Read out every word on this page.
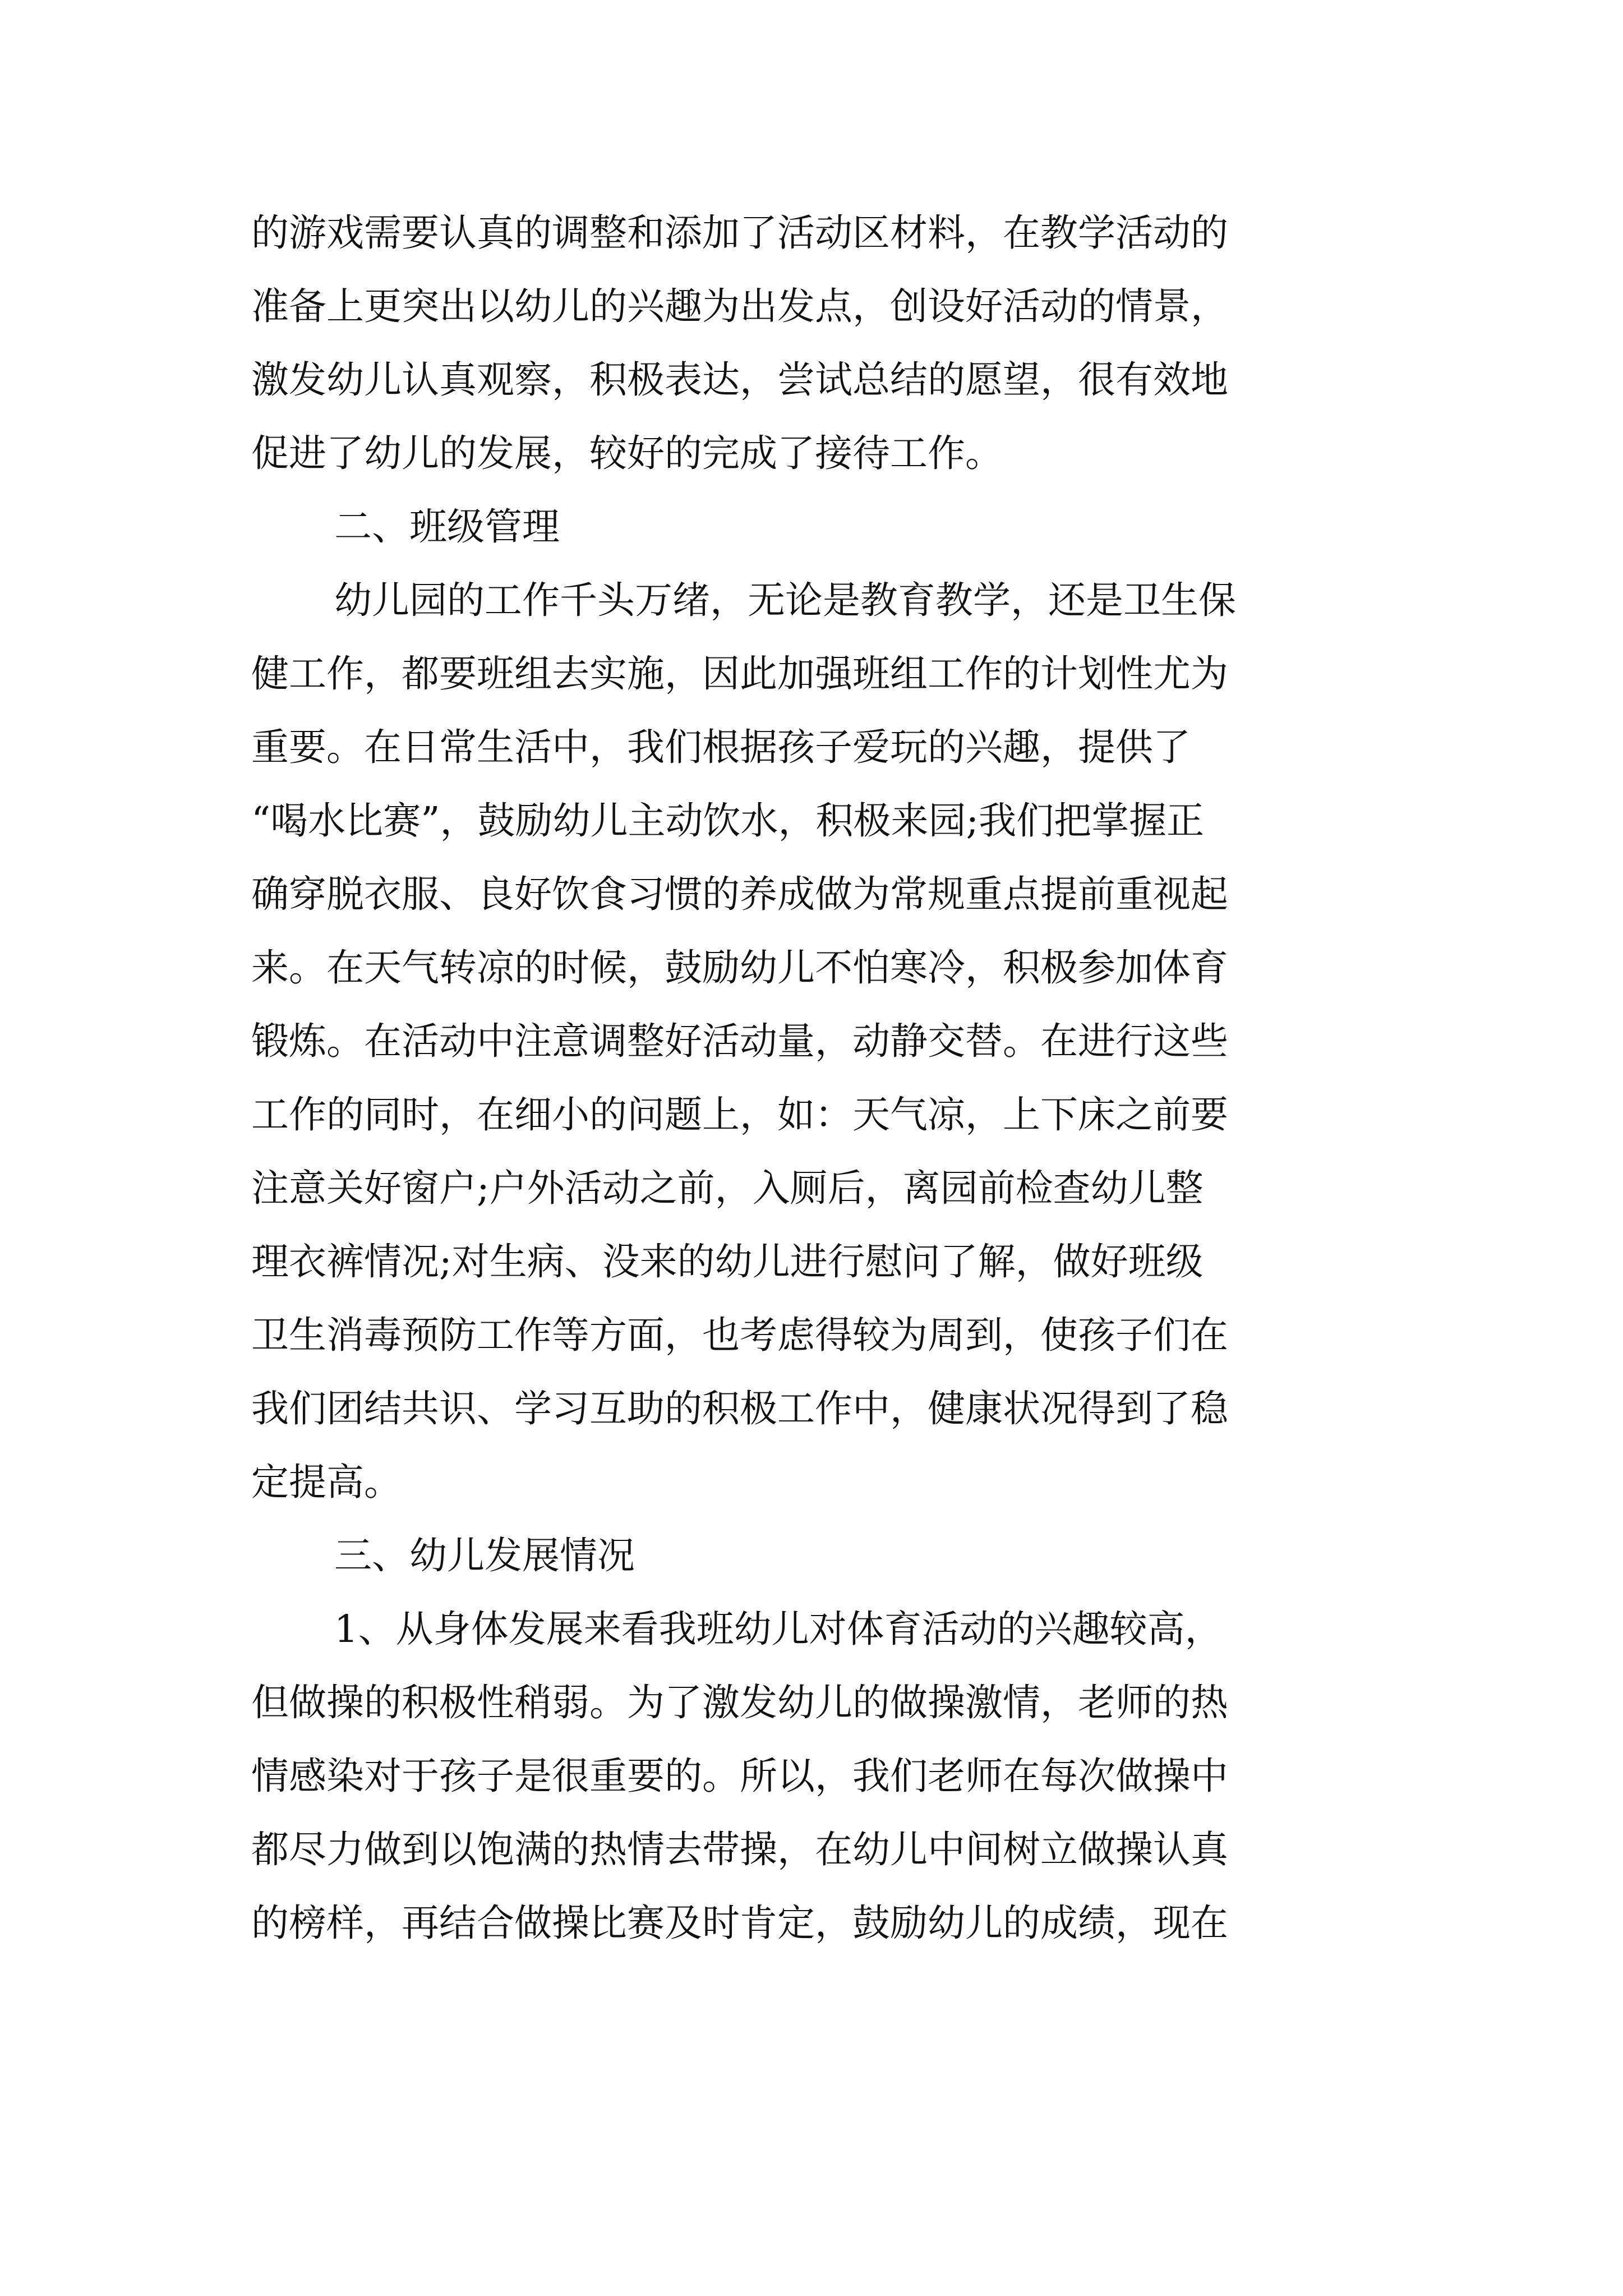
的游戏需要认真的调整和添加了活动区材料，在教学活动的
准备上更突出以幼儿的兴趣为出发点，创设好活动的情景，
激发幼儿认真观察，积极表达，尝试总结的愿望，很有效地
促进了幼儿的发展，较好的完成了接待工作。
二、班级管理
幼儿园的工作千头万绪，无论是教育教学，还是卫生保
健工作，都要班组去实施，因此加强班组工作的计划性尤为
重要。在日常生活中，我们根据孩子爱玩的兴趣，提供了
“喝水比赛”，鼓励幼儿主动饮水，积极来园;我们把掌握正
确穿脱衣服、良好饮食习惯的养成做为常规重点提前重视起
来。在天气转凉的时候，鼓励幼儿不怕寒冷，积极参加体育
锻炼。在活动中注意调整好活动量，动静交替。在进行这些
工作的同时，在细小的问题上，如：天气凉，上下床之前要
注意关好窗户;户外活动之前，入厕后，离园前检查幼儿整
理衣裤情况;对生病、没来的幼儿进行慰问了解，做好班级
卫生消毒预防工作等方面，也考虑得较为周到，使孩子们在
我们团结共识、学习互助的积极工作中，健康状况得到了稳
定提高。
三、幼儿发展情况
1、从身体发展来看我班幼儿对体育活动的兴趣较高，
但做操的积极性稍弱。为了激发幼儿的做操激情，老师的热
情感染对于孩子是很重要的。所以，我们老师在每次做操中
都尽力做到以饱满的热情去带操，在幼儿中间树立做操认真
的榜样，再结合做操比赛及时肯定，鼓励幼儿的成绩，现在
